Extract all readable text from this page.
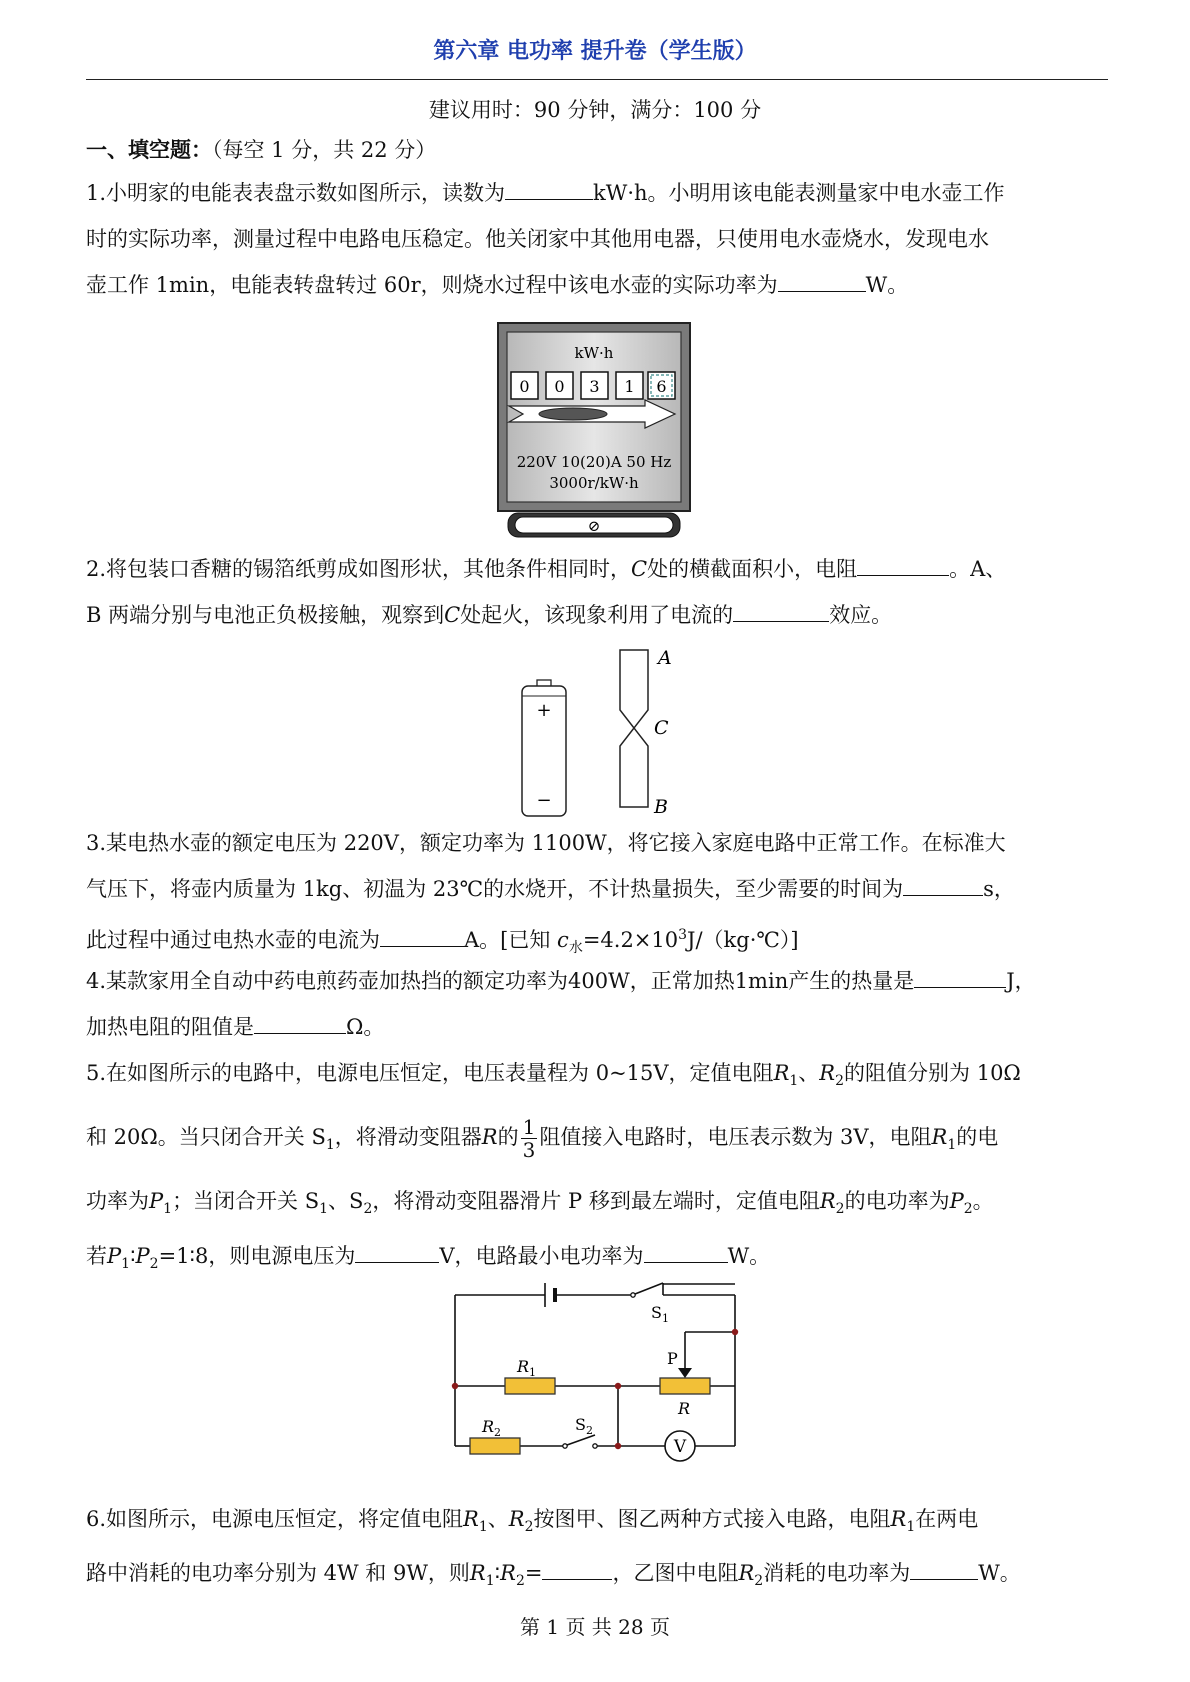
第六章 电功率 提升卷（学生版）
建议用时：90 分钟，满分：100 分
一、填空题：（每空 1 分，共 22 分）
1.小明家的电能表表盘示数如图所示，读数为	kW·h。小明用该电能表测量家中电水壶工作
时的实际功率，测量过程中电路电压稳定。他关闭家中其他用电器，只使用电水壶烧水，发现电水
壶工作 1min，电能表转盘转过 60r，则烧水过程中该电水壶的实际功率为	W。
kW·h
0 0 3 1 6
220V 10(20)A 50 Hz
3000r/kW·h
⊘
2.将包装口香糖的锡箔纸剪成如图形状，其他条件相同时，C处的横截面积小，电阻	。A、
B 两端分别与电池正负极接触，观察到C处起火，该现象利用了电流的	效应。
+
−
A
C
B
3.某电热水壶的额定电压为 220V，额定功率为 1100W，将它接入家庭电路中正常工作。在标准大
气压下，将壶内质量为 1kg、初温为 23℃的水烧开，不计热量损失，至少需要的时间为	s，
此过程中通过电热水壶的电流为	A。[已知 $c_水=4.2\times 10^3J/(kg\cdot℃)$]
4.某款家用全自动中药电煎药壶加热挡的额定功率为400W，正常加热1min产生的热量是	J，
加热电阻的阻值是	Ω。
5.在如图所示的电路中，电源电压恒定，电压表量程为 0~15V，定值电阻$R_1$、$R_2$的阻值分别为 10Ω
和 20Ω。当只闭合开关 $S_1$，将滑动变阻器R的 $\frac{1}{3}$ 阻值接入电路时，电压表示数为 3V，电阻$R_1$的电
功率为$P_1$；当闭合开关 $S_1$、$S_2$，将滑动变阻器滑片 P 移到最左端时，定值电阻$R_2$的电功率为$P_2$。
若$P_1∶P_2=1∶8$，则电源电压为	V，电路最小电功率为	W。
$S_1$
$R_1$
P
R
$R_2$	$S_2$
V
6.如图所示，电源电压恒定，将定值电阻$R_1$、$R_2$按图甲、图乙两种方式接入电路，电阻$R_1$在两电
路中消耗的电功率分别为 4W 和 9W，则$R_1∶R_2=$	，乙图中电阻$R_2$消耗的电功率为	W。
第 1 页 共 28 页
